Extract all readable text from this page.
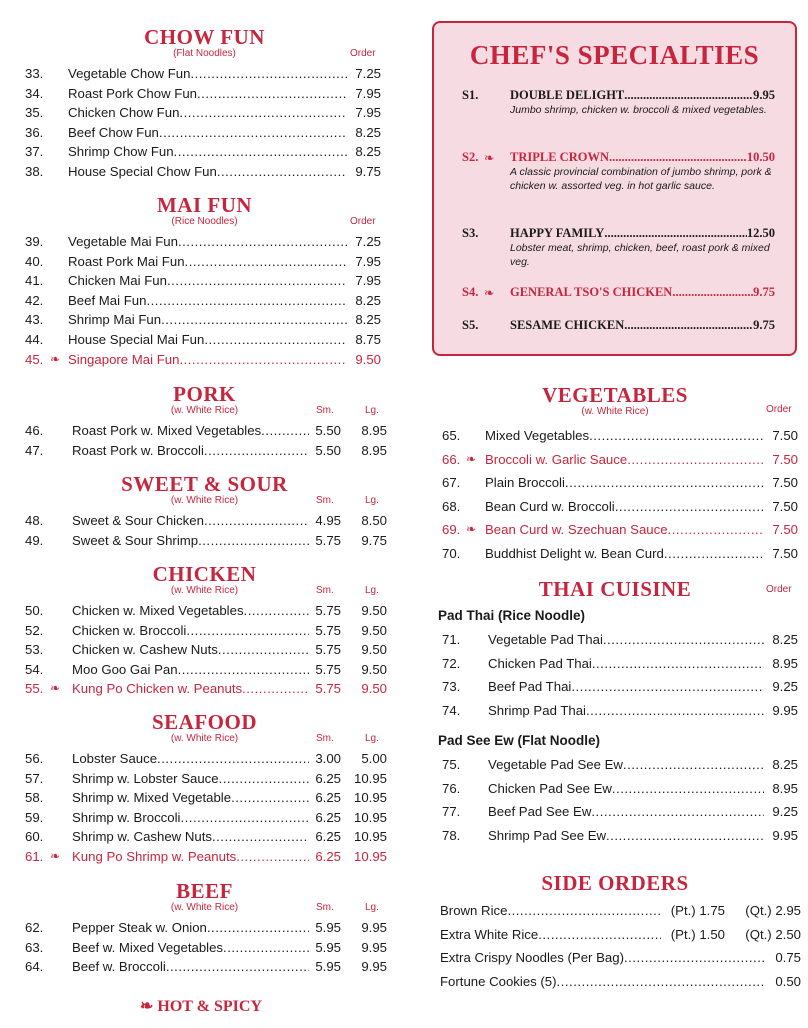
CHOW FUN
(Flat Noodles)	Order
33. Vegetable Chow Fun .....	7.25
34. Roast Pork Chow Fun .....	7.95
35. Chicken Chow Fun .....	7.95
36. Beef Chow Fun .....	8.25
37. Shrimp Chow Fun .....	8.25
38. House Special Chow Fun .....	9.75
MAI FUN
(Rice Noodles)	Order
39. Vegetable Mai Fun .....	7.25
40. Roast Pork Mai Fun .....	7.95
41. Chicken Mai Fun .....	7.95
42. Beef Mai Fun .....	8.25
43. Shrimp Mai Fun .....	8.25
44. House Special Mai Fun .....	8.75
45. ❧ Singapore Mai Fun .....	9.50
PORK
(w. White Rice)	Sm.	Lg.
46. Roast Pork w. Mixed Vegetables .....	5.50 8.95
47. Roast Pork w. Broccoli .....	5.50 8.95
SWEET & SOUR
(w. White Rice)	Sm.	Lg.
48. Sweet & Sour Chicken .....	4.95 8.50
49. Sweet & Sour Shrimp .....	5.75 9.75
CHICKEN
(w. White Rice)	Sm.	Lg.
50. Chicken w. Mixed Vegetables .....	5.75 9.50
52. Chicken w. Broccoli .....	5.75 9.50
53. Chicken w. Cashew Nuts .....	5.75 9.50
54. Moo Goo Gai Pan .....	5.75 9.50
55. ❧ Kung Po Chicken w. Peanuts .....	5.75 9.50
SEAFOOD
(w. White Rice)	Sm.	Lg.
56. Lobster Sauce .....	3.00 5.00
57. Shrimp w. Lobster Sauce .....	6.25 10.95
58. Shrimp w. Mixed Vegetable .....	6.25 10.95
59. Shrimp w. Broccoli .....	6.25 10.95
60. Shrimp w. Cashew Nuts .....	6.25 10.95
61. ❧ Kung Po Shrimp w. Peanuts .....	6.25 10.95
BEEF
(w. White Rice)	Sm.	Lg.
62. Pepper Steak w. Onion .....	5.95 9.95
63. Beef w. Mixed Vegetables .....	5.95 9.95
64. Beef w. Broccoli .....	5.95 9.95
CHEF'S SPECIALTIES
S1.	DOUBLE DELIGHT .....	9.95
Jumbo shrimp, chicken w. broccoli & mixed vegetables.
S2. ❧ TRIPLE CROWN .....	10.50
A classic provincial combination of jumbo shrimp, pork & chicken w. assorted veg. in hot garlic sauce.
S3.	HAPPY FAMILY .....	12.50
Lobster meat, shrimp, chicken, beef, roast pork & mixed veg.
S4. ❧ GENERAL TSO'S CHICKEN .....	9.75
S5.	SESAME CHICKEN .....	9.75
VEGETABLES
(w. White Rice)	Order
65. Mixed Vegetables .....	7.50
66. ❧ Broccoli w. Garlic Sauce .....	7.50
67. Plain Broccoli .....	7.50
68. Bean Curd w. Broccoli .....	7.50
69. ❧ Bean Curd w. Szechuan Sauce .....	7.50
70. Buddhist Delight w. Bean Curd .....	7.50
THAI CUISINE	Order
Pad Thai (Rice Noodle)
71. Vegetable Pad Thai .....	8.25
72. Chicken Pad Thai .....	8.95
73. Beef Pad Thai .....	9.25
74. Shrimp Pad Thai .....	9.95
Pad See Ew (Flat Noodle)
75. Vegetable Pad See Ew .....	8.25
76. Chicken Pad See Ew .....	8.95
77. Beef Pad See Ew .....	9.25
78. Shrimp Pad See Ew .....	9.95
SIDE ORDERS
Brown Rice .....	(Pt.) 1.75 (Qt.) 2.95
Extra White Rice .....	(Pt.) 1.50 (Qt.) 2.50
Extra Crispy Noodles (Per Bag) .....	0.75
Fortune Cookies (5) .....	0.50
❧ HOT & SPICY
